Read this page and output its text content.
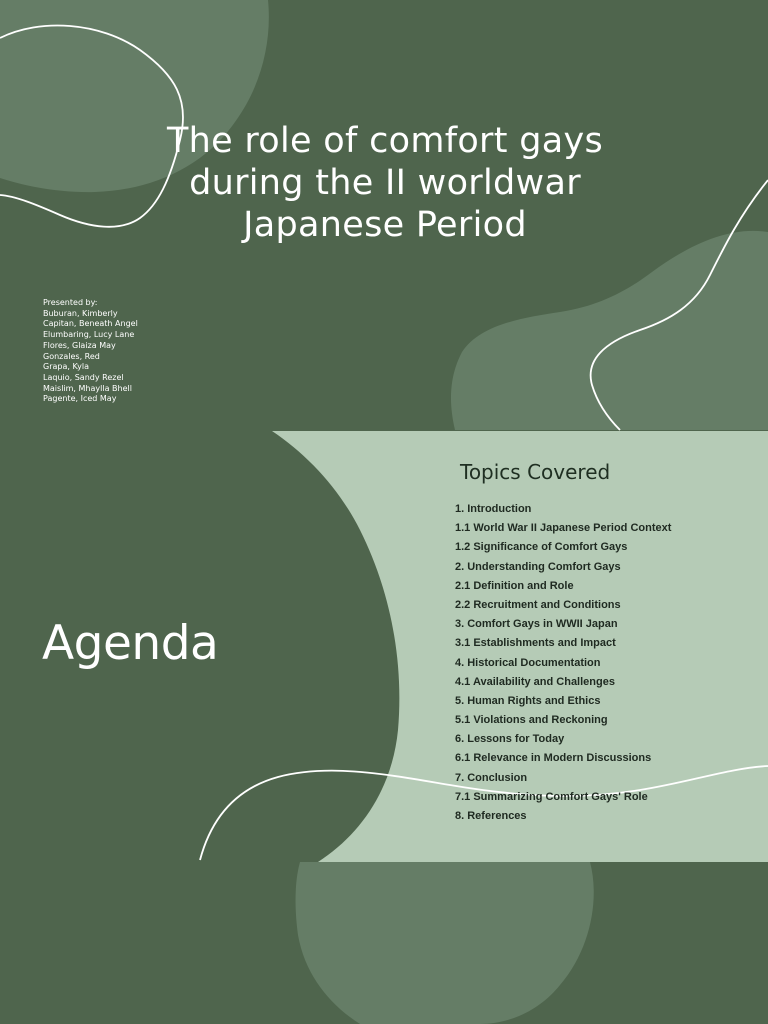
The role of comfort gays during the II worldwar Japanese Period
Presented by:
Buburan, Kimberly
Capitan, Beneath Angel
Elumbaring, Lucy Lane
Flores, Glaiza May
Gonzales, Red
Grapa, Kyla
Laquio, Sandy Rezel
Maislim, Mhaylla Bhell
Pagente, Iced May
Agenda
Topics Covered
1. Introduction
1.1 World War II Japanese Period Context
1.2 Significance of Comfort Gays
2. Understanding Comfort Gays
2.1 Definition and Role
2.2 Recruitment and Conditions
3. Comfort Gays in WWII Japan
3.1 Establishments and Impact
4. Historical Documentation
4.1 Availability and Challenges
5. Human Rights and Ethics
5.1 Violations and Reckoning
6. Lessons for Today
6.1 Relevance in Modern Discussions
7. Conclusion
7.1 Summarizing Comfort Gays' Role
8. References
